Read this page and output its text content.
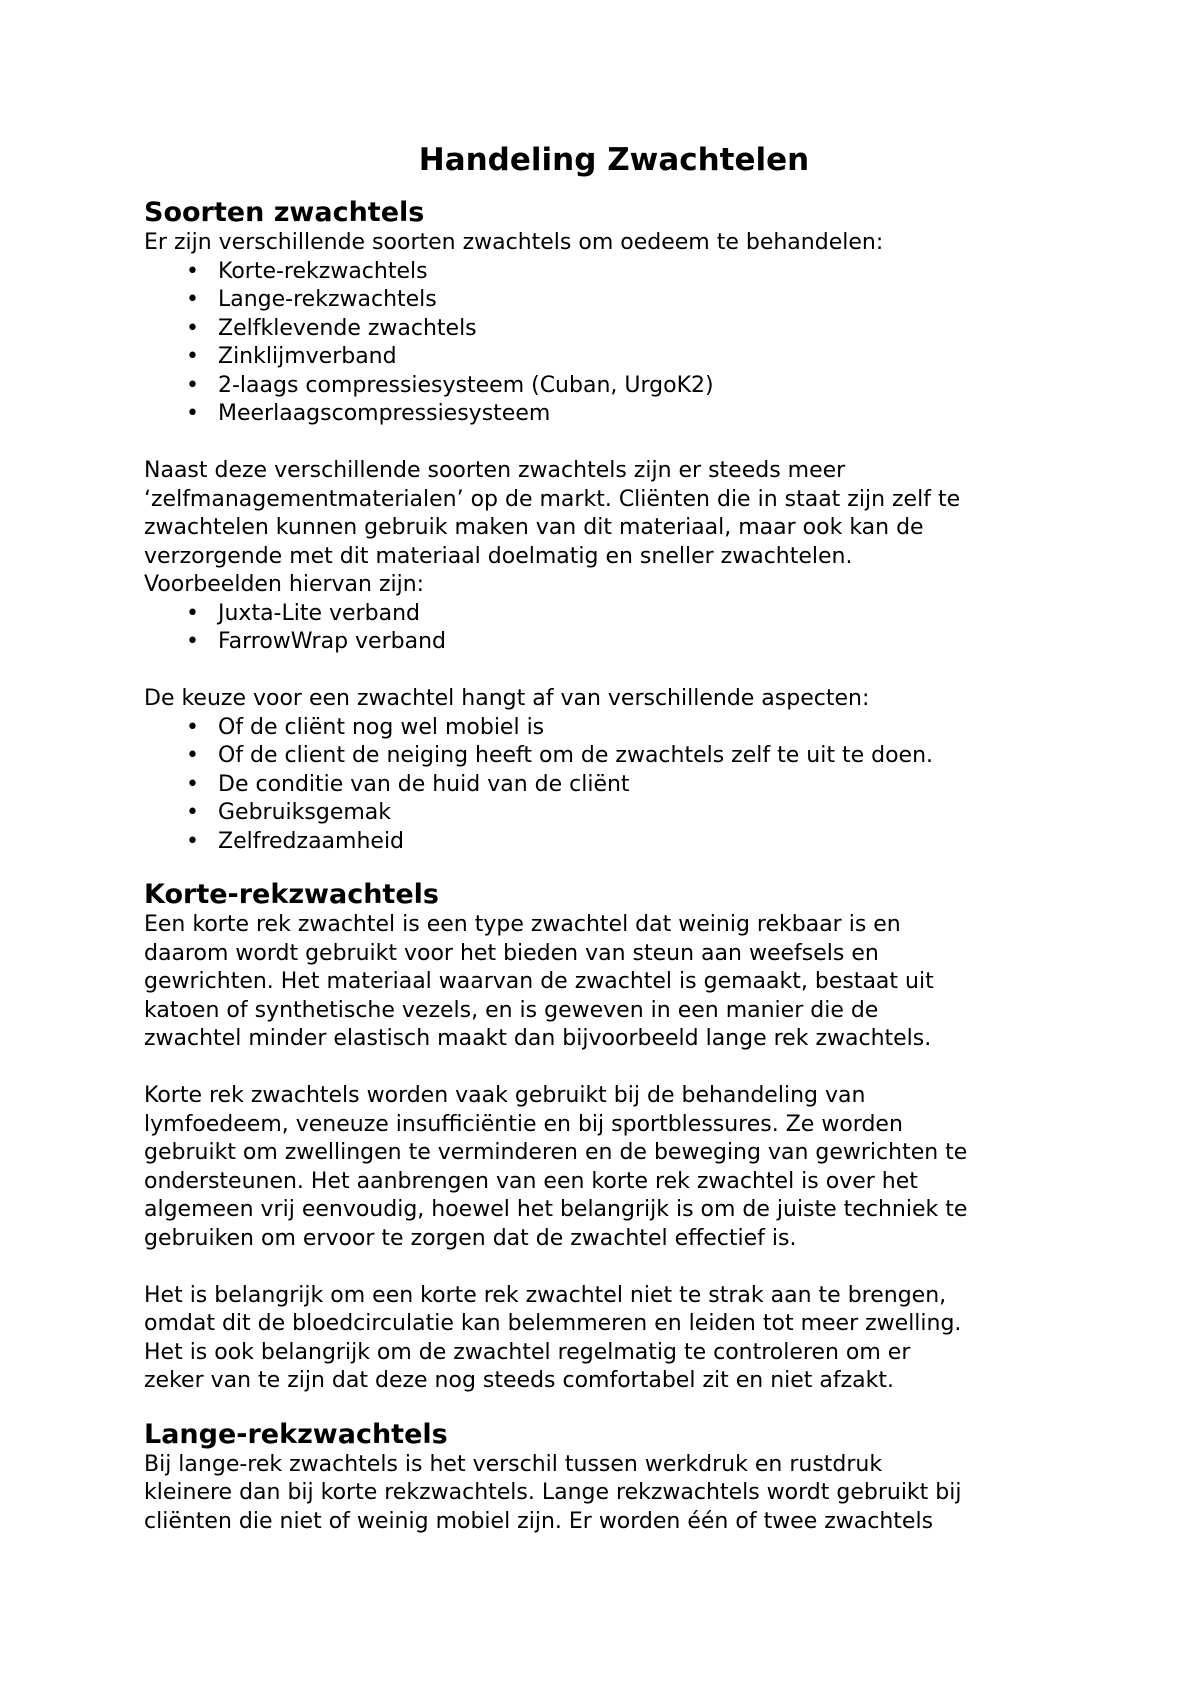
Handeling Zwachtelen
Soorten zwachtels
Er zijn verschillende soorten zwachtels om oedeem te behandelen:
• Korte-rekzwachtels
• Lange-rekzwachtels
• Zelfklevende zwachtels
• Zinklijmverband
• 2-laags compressiesysteem (Cuban, UrgoK2)
• Meerlaagscompressiesysteem
Naast deze verschillende soorten zwachtels zijn er steeds meer
‘zelfmanagementmaterialen’ op de markt. Cliënten die in staat zijn zelf te
zwachtelen kunnen gebruik maken van dit materiaal, maar ook kan de
verzorgende met dit materiaal doelmatig en sneller zwachtelen.
Voorbeelden hiervan zijn:
• Juxta-Lite verband
• FarrowWrap verband
De keuze voor een zwachtel hangt af van verschillende aspecten:
• Of de cliënt nog wel mobiel is
• Of de client de neiging heeft om de zwachtels zelf te uit te doen.
• De conditie van de huid van de cliënt
• Gebruiksgemak
• Zelfredzaamheid
Korte-rekzwachtels
Een korte rek zwachtel is een type zwachtel dat weinig rekbaar is en
daarom wordt gebruikt voor het bieden van steun aan weefsels en
gewrichten. Het materiaal waarvan de zwachtel is gemaakt, bestaat uit
katoen of synthetische vezels, en is geweven in een manier die de
zwachtel minder elastisch maakt dan bijvoorbeeld lange rek zwachtels.
Korte rek zwachtels worden vaak gebruikt bij de behandeling van
lymfoedeem, veneuze insufficiëntie en bij sportblessures. Ze worden
gebruikt om zwellingen te verminderen en de beweging van gewrichten te
ondersteunen. Het aanbrengen van een korte rek zwachtel is over het
algemeen vrij eenvoudig, hoewel het belangrijk is om de juiste techniek te
gebruiken om ervoor te zorgen dat de zwachtel effectief is.
Het is belangrijk om een korte rek zwachtel niet te strak aan te brengen,
omdat dit de bloedcirculatie kan belemmeren en leiden tot meer zwelling.
Het is ook belangrijk om de zwachtel regelmatig te controleren om er
zeker van te zijn dat deze nog steeds comfortabel zit en niet afzakt.
Lange-rekzwachtels
Bij lange-rek zwachtels is het verschil tussen werkdruk en rustdruk
kleinere dan bij korte rekzwachtels. Lange rekzwachtels wordt gebruikt bij
cliënten die niet of weinig mobiel zijn. Er worden één of twee zwachtels
